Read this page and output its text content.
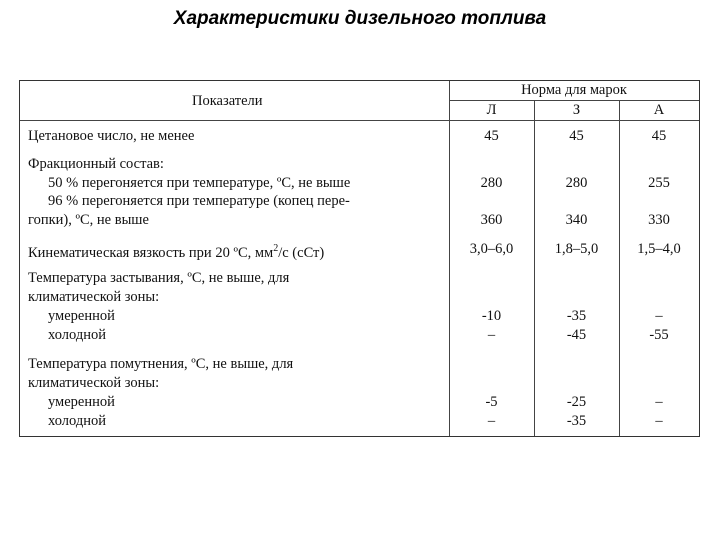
Характеристики дизельного топлива
Показатели
Норма для марок
Л	З	А
Цетановое число, не менее	45	45	45
Фракционный состав:
50 % перегоняется при температуре, ºС, не выше	280	280	255
96 % перегоняется при температуре (копец пере-
гопки), ºС, не выше	360	340	330
Кинематическая вязкость при 20 ºС, $мм^2/с$ (сСт)	3,0–6,0	1,8–5,0	1,5–4,0
Температура застывания, ºС, не выше, для
климатической зоны:
умеренной	-10	-35	–
холодной	–	-45	-55
Температура помутнения, ºС, не выше, для
климатической зоны:
умеренной	-5	-25	–
холодной	–	-35	–
